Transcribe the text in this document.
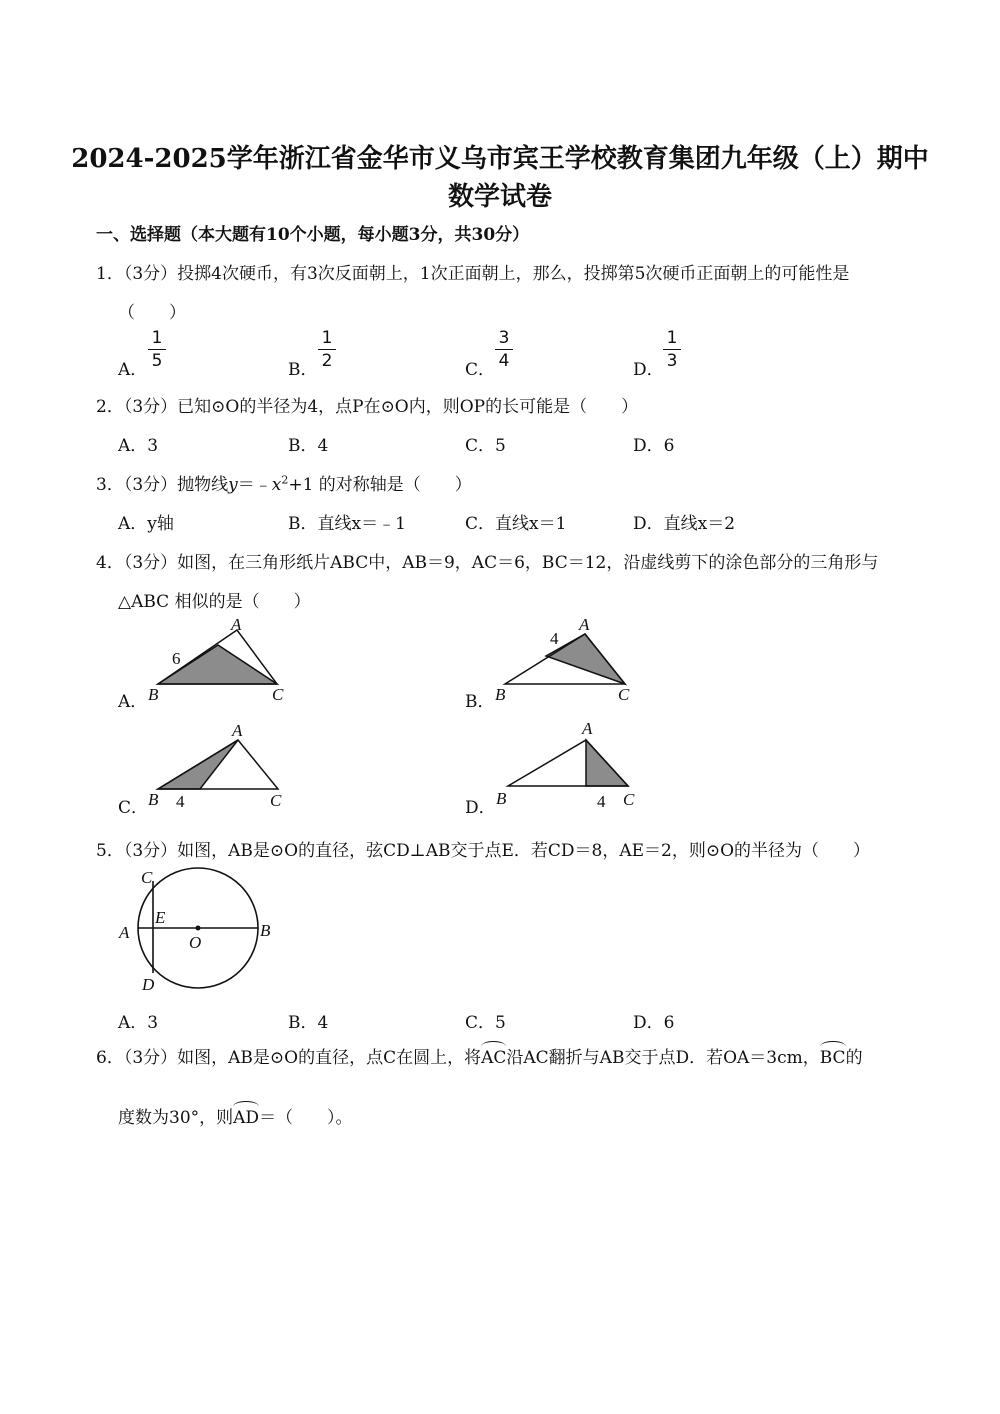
2024-2025学年浙江省金华市义乌市宾王学校教育集团九年级（上）期中
数学试卷
一、选择题（本大题有10个小题，每小题3分，共30分）
1．（3分）投掷4次硬币，有3次反面朝上，1次正面朝上，那么，投掷第5次硬币正面朝上的可能性是
（　　）
A．
1
5	B．
1
2	C．
3
4	D．
1
3
2．（3分）已知⊙O的半径为4，点P在⊙O内，则OP的长可能是（　　）
A．3	B．4	C．5	D．6
3．（3分）抛物线$y=﹣x^2+1$ 的对称轴是（　　）
A．y轴	B．直线x＝﹣1	C．直线x＝1	D．直线x＝2
4．（3分）如图，在三角形纸片ABC中，AB＝9，AC＝6，BC＝12，沿虚线剪下的涂色部分的三角形与
△ABC 相似的是（　　）
A．
A
B	C
6
B．
A
B	C
4
C．
A
B	C
4	D．
A
B	C
4
5．（3分）如图，AB是⊙O的直径，弦CD⊥AB交于点E．若CD＝8，AE＝2，则⊙O的半径为（　　）
C
E
A
O
B
D
A．3	B．4	C．5	D．6
6．（3分）如图，AB是⊙O的直径，点C在圆上，将AC沿AC翻折与AB交于点D．若OA＝3cm，BC的
度数为30°，则AD＝（　　）。
